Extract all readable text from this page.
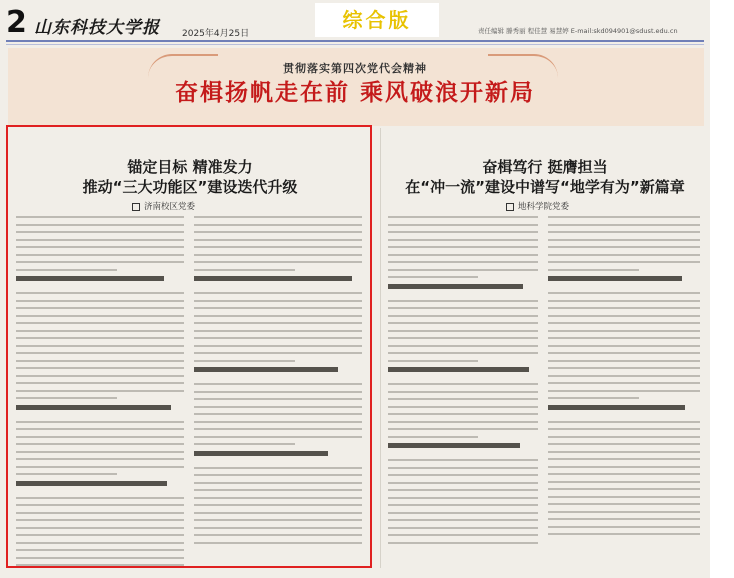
2 山东科技大学报 2025年4月25日
综合版	责任编辑 滕秀丽 程佳慧 易慧婷 E-mail:skd094901@sdust.edu.cn
贯彻落实第四次党代会精神
奋楫扬帆走在前 乘风破浪开新局
锚定目标 精准发力
推动“三大功能区”建设迭代升级
济南校区党委
奋楫笃行 挺膺担当
在“冲一流”建设中谱写“地学有为”新篇章
地科学院党委
